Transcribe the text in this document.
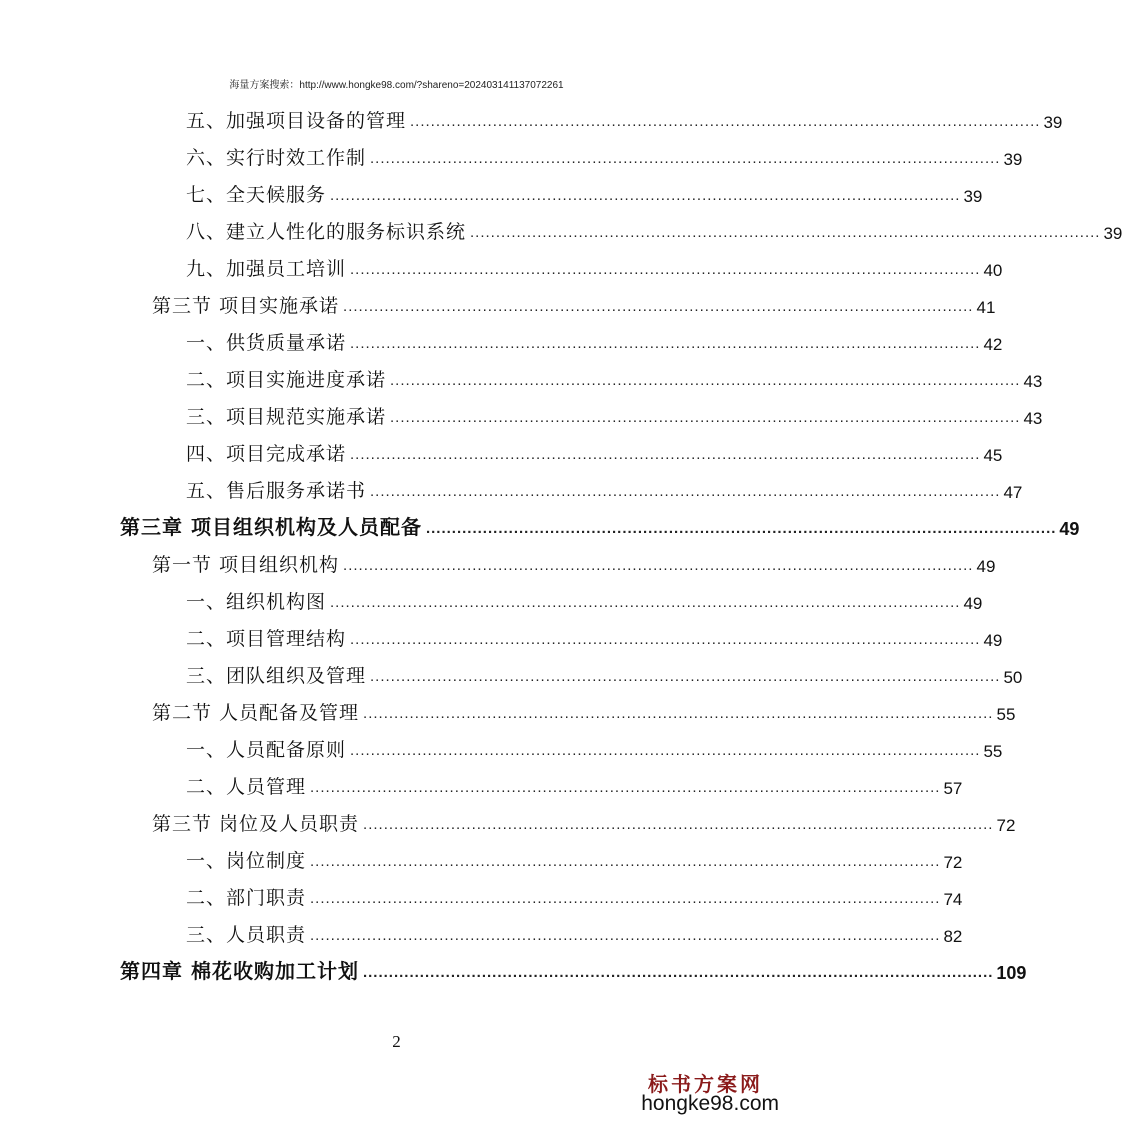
海量方案搜索：http://www.hongke98.com/?shareno=2024031411370722​61
五、加强项目设备的管理 .......................................................................................................................... 39
六、实行时效工作制 .......................................................................................................................... 39
七、全天候服务 .......................................................................................................................... 39
八、建立人性化的服务标识系统 .......................................................................................................................... 39
九、加强员工培训 .......................................................................................................................... 40
第三节 项目实施承诺 .......................................................................................................................... 41
一、供货质量承诺 .......................................................................................................................... 42
二、项目实施进度承诺 .......................................................................................................................... 43
三、项目规范实施承诺 .......................................................................................................................... 43
四、项目完成承诺 .......................................................................................................................... 45
五、售后服务承诺书 .......................................................................................................................... 47
第三章 项目组织机构及人员配备 .......................................................................................................................... 49
第一节 项目组织机构 .......................................................................................................................... 49
一、组织机构图 .......................................................................................................................... 49
二、项目管理结构 .......................................................................................................................... 49
三、团队组织及管理 .......................................................................................................................... 50
第二节 人员配备及管理 .......................................................................................................................... 55
一、人员配备原则 .......................................................................................................................... 55
二、人员管理 .......................................................................................................................... 57
第三节 岗位及人员职责 .......................................................................................................................... 72
一、岗位制度 .......................................................................................................................... 72
二、部门职责 .......................................................................................................................... 74
三、人员职责 .......................................................................................................................... 82
第四章 棉花收购加工计划 .......................................................................................................................... 109
2
标书方案网
hongke98.com
